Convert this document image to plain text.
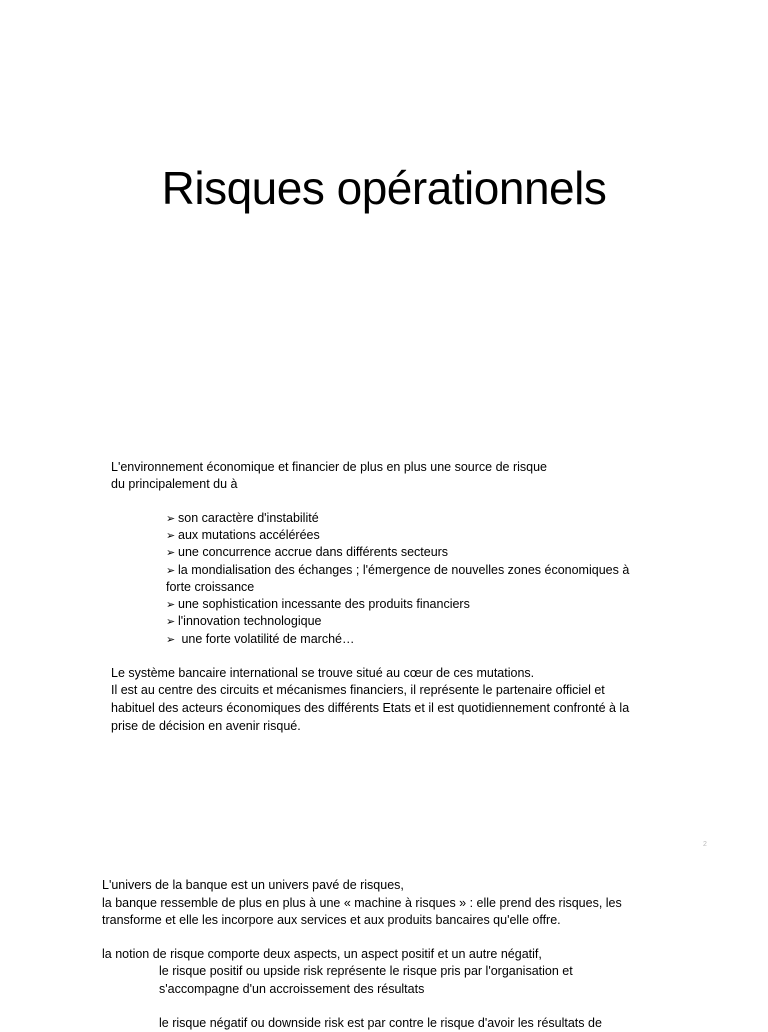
Risques opérationnels
L'environnement économique et financier de plus en plus une source de risque
du principalement du à
➢ son caractère d'instabilité
➢ aux mutations accélérées
➢ une concurrence accrue dans différents secteurs
➢ la mondialisation des échanges ; l'émergence de nouvelles zones économiques à
forte croissance
➢ une sophistication incessante des produits financiers
➢ l'innovation technologique
➢ une forte volatilité de marché…
Le système bancaire international se trouve situé au cœur de ces mutations.
Il est au centre des circuits et mécanismes financiers, il représente le partenaire officiel et
habituel des acteurs économiques des différents Etats et il est quotidiennement confronté à la
prise de décision en avenir risqué.
2
L'univers de la banque est un univers pavé de risques,
la banque ressemble de plus en plus à une « machine à risques » : elle prend des risques, les
transforme et elle les incorpore aux services et aux produits bancaires qu'elle offre.
la notion de risque comporte deux aspects, un aspect positif et un autre négatif,
le risque positif ou upside risk représente le risque pris par l'organisation et
s'accompagne d'un accroissement des résultats
le risque négatif ou downside risk est par contre le risque d'avoir les résultats de
